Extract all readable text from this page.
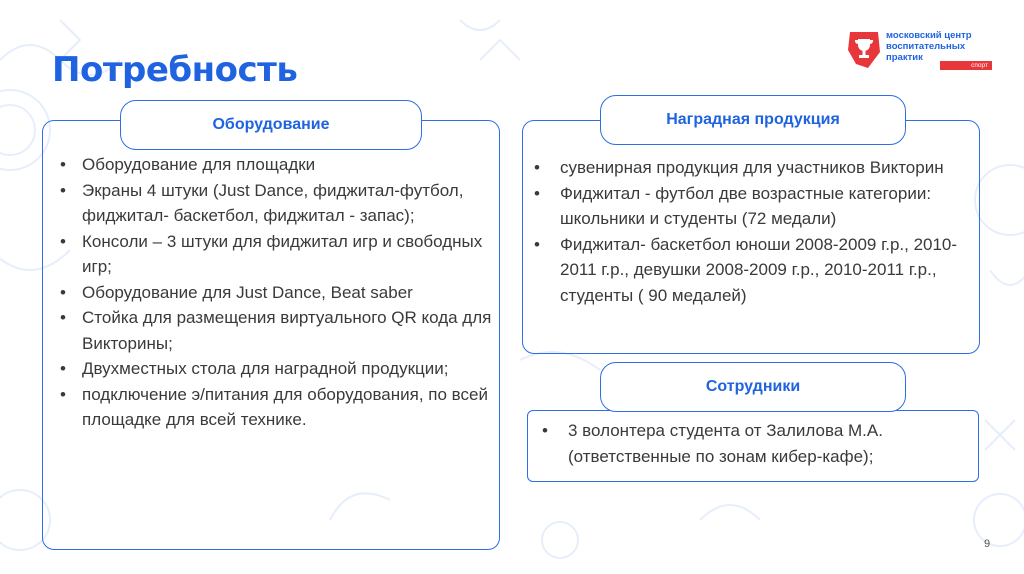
Потребность
московский центр
воспитательных
практик
спорт
Оборудование
• Оборудование для площадки
• Экраны 4 штуки (Just Dance, фиджитал-футбол, фиджитал- баскетбол, фиджитал - запас);
• Консоли – 3 штуки для фиджитал игр и свободных игр;
• Оборудование для Just Dance, Beat saber
• Стойка для размещения виртуального QR кода для Викторины;
• Двухместных стола для наградной продукции;
• подключение э/питания для оборудования, по всей площадке для всей технике.
Наградная продукция
• сувенирная продукция для участников Викторин
• Фиджитал - футбол две возрастные категории: школьники и студенты (72 медали)
• Фиджитал- баскетбол юноши 2008-2009 г.р., 2010-2011 г.р., девушки 2008-2009 г.р., 2010-2011 г.р., студенты ( 90 медалей)
Сотрудники
• 3 волонтера студента от Залилова М.А. (ответственные по зонам кибер-кафе);
9
